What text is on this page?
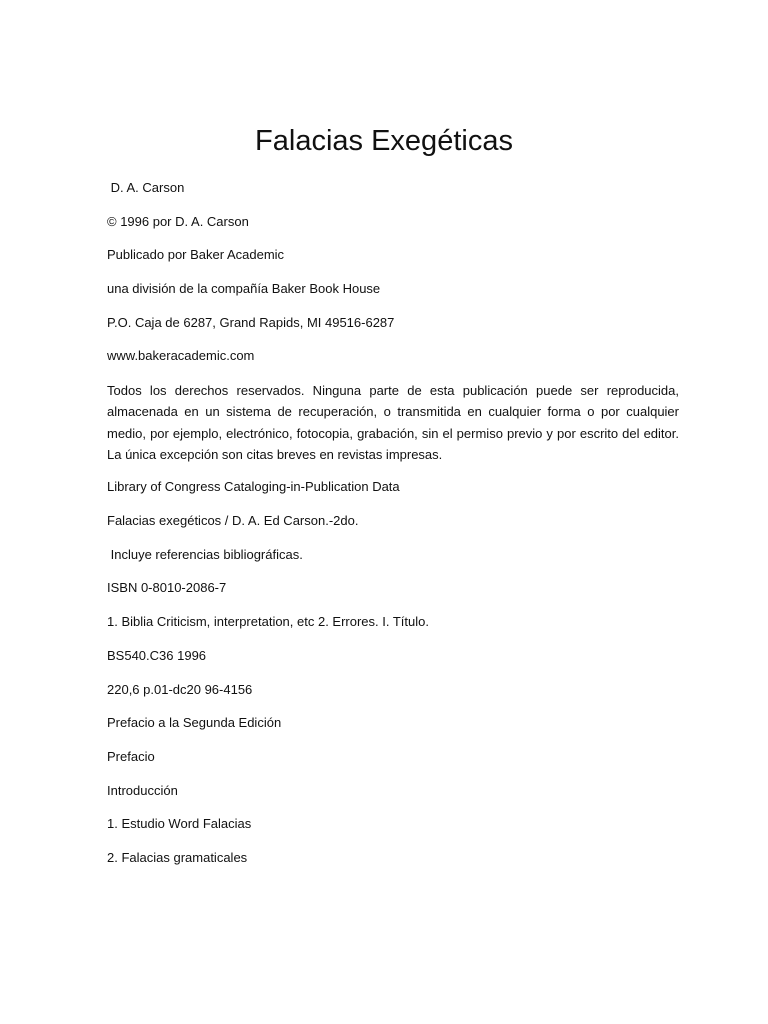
Falacias Exegéticas
D. A. Carson
© 1996 por D. A. Carson
Publicado por Baker Academic
una división de la compañía Baker Book House
P.O. Caja de 6287, Grand Rapids, MI 49516-6287
www.bakeracademic.com
Todos los derechos reservados. Ninguna parte de esta publicación puede ser reproducida, almacenada en un sistema de recuperación, o transmitida en cualquier forma o por cualquier medio, por ejemplo, electrónico, fotocopia, grabación, sin el permiso previo y por escrito del editor. La única excepción son citas breves en revistas impresas.
Library of Congress Cataloging-in-Publication Data
Falacias exegéticos / D. A. Ed Carson.-2do.
Incluye referencias bibliográficas.
ISBN 0-8010-2086-7
1. Biblia Criticism, interpretation, etc 2. Errores. I. Título.
BS540.C36 1996
220,6 p.01-dc20 96-4156
Prefacio a la Segunda Edición
Prefacio
Introducción
1. Estudio Word Falacias
2. Falacias gramaticales
